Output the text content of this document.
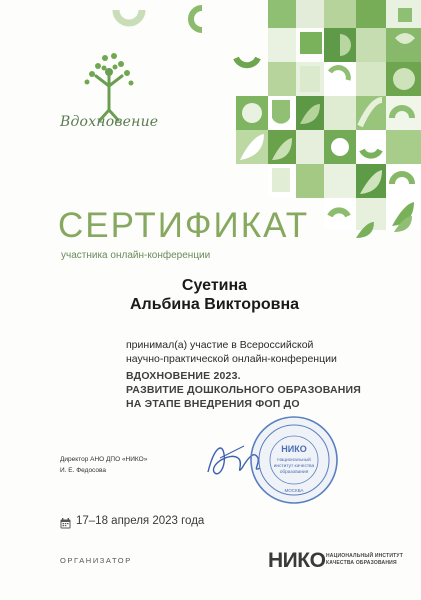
Вдохновение
СЕРТИФИКАТ
участника онлайн-конференции
Суетина
Альбина Викторовна
принимал(а) участие в Всероссийской
научно-практической онлайн-конференции
ВДОХНОВЕНИЕ 2023.
РАЗВИТИЕ ДОШКОЛЬНОГО ОБРАЗОВАНИЯ
НА ЭТАПЕ ВНЕДРЕНИЯ ФОП ДО
Директор АНО ДПО «НИКО»
И. Е. Федосова
НИКО
Национальный
институт качества
образования
МОСКВА
17–18 апреля 2023 года
ОРГАНИЗАТОР	НИКО НАЦИОНАЛЬНЫЙ ИНСТИТУТ
КАЧЕСТВА ОБРАЗОВАНИЯ
